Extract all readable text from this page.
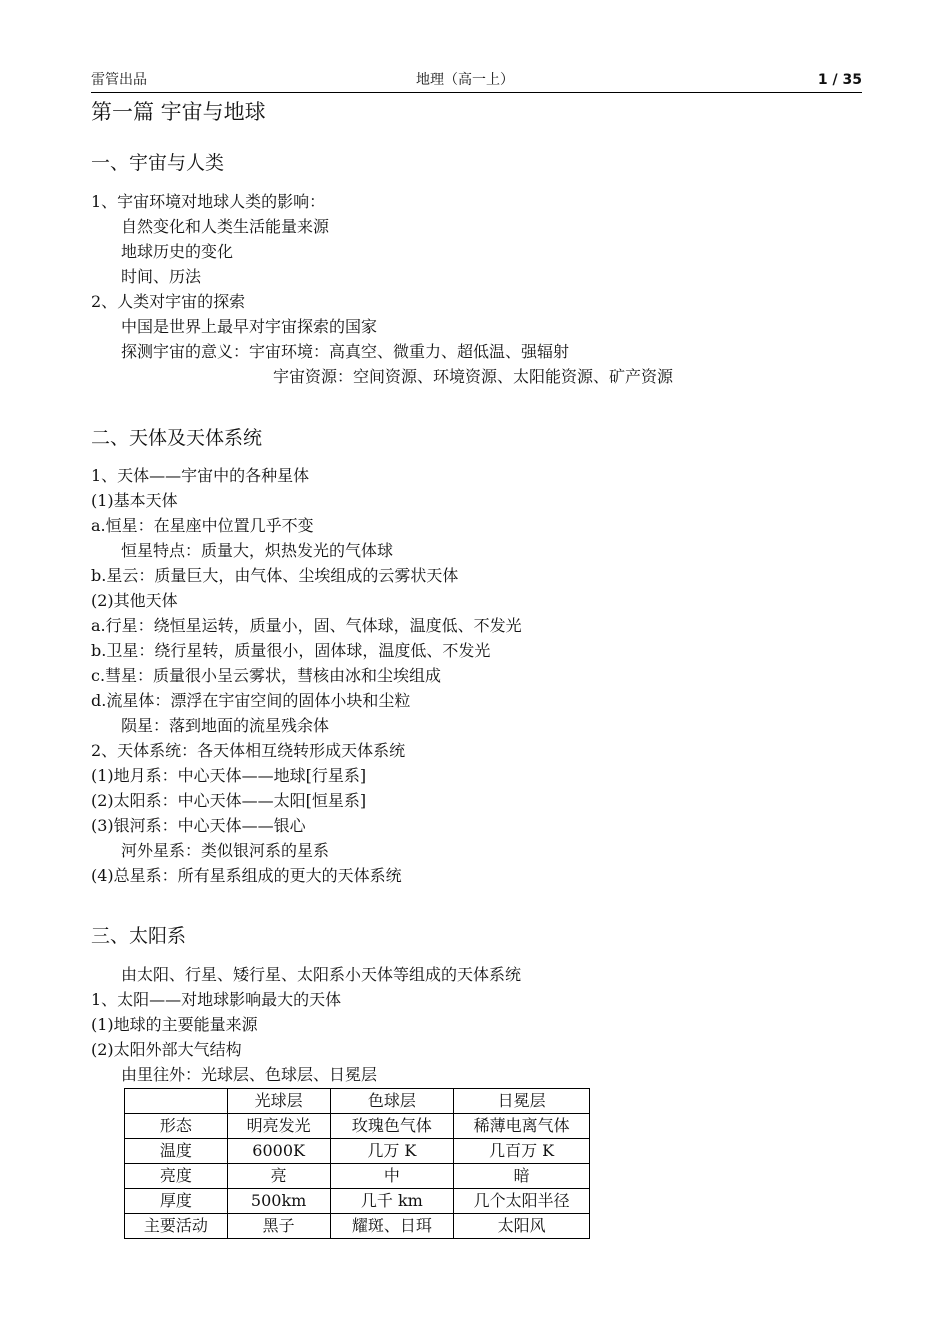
雷管出品	地理（高一上）	1 / 35
第一篇 宇宙与地球
一、宇宙与人类
1、宇宙环境对地球人类的影响：
自然变化和人类生活能量来源
地球历史的变化
时间、历法
2、人类对宇宙的探索
中国是世界上最早对宇宙探索的国家
探测宇宙的意义：宇宙环境：高真空、微重力、超低温、强辐射
宇宙资源：空间资源、环境资源、太阳能资源、矿产资源
二、天体及天体系统
1、天体——宇宙中的各种星体
(1)基本天体
a.恒星：在星座中位置几乎不变
恒星特点：质量大，炽热发光的气体球
b.星云：质量巨大，由气体、尘埃组成的云雾状天体
(2)其他天体
a.行星：绕恒星运转，质量小，固、气体球，温度低、不发光
b.卫星：绕行星转，质量很小，固体球，温度低、不发光
c.彗星：质量很小呈云雾状，彗核由冰和尘埃组成
d.流星体：漂浮在宇宙空间的固体小块和尘粒
陨星：落到地面的流星残余体
2、天体系统：各天体相互绕转形成天体系统
(1)地月系：中心天体——地球[行星系]
(2)太阳系：中心天体——太阳[恒星系]
(3)银河系：中心天体——银心
河外星系：类似银河系的星系
(4)总星系：所有星系组成的更大的天体系统
三、太阳系
由太阳、行星、矮行星、太阳系小天体等组成的天体系统
1、太阳——对地球影响最大的天体
(1)地球的主要能量来源
(2)太阳外部大气结构
由里往外：光球层、色球层、日冕层
	光球层	色球层	日冕层
形态	明亮发光	玫瑰色气体	稀薄电离气体
温度	6000K	几万 K	几百万 K
亮度	亮	中	暗
厚度	500km	几千 km	几个太阳半径
主要活动	黑子	耀斑、日珥	太阳风
